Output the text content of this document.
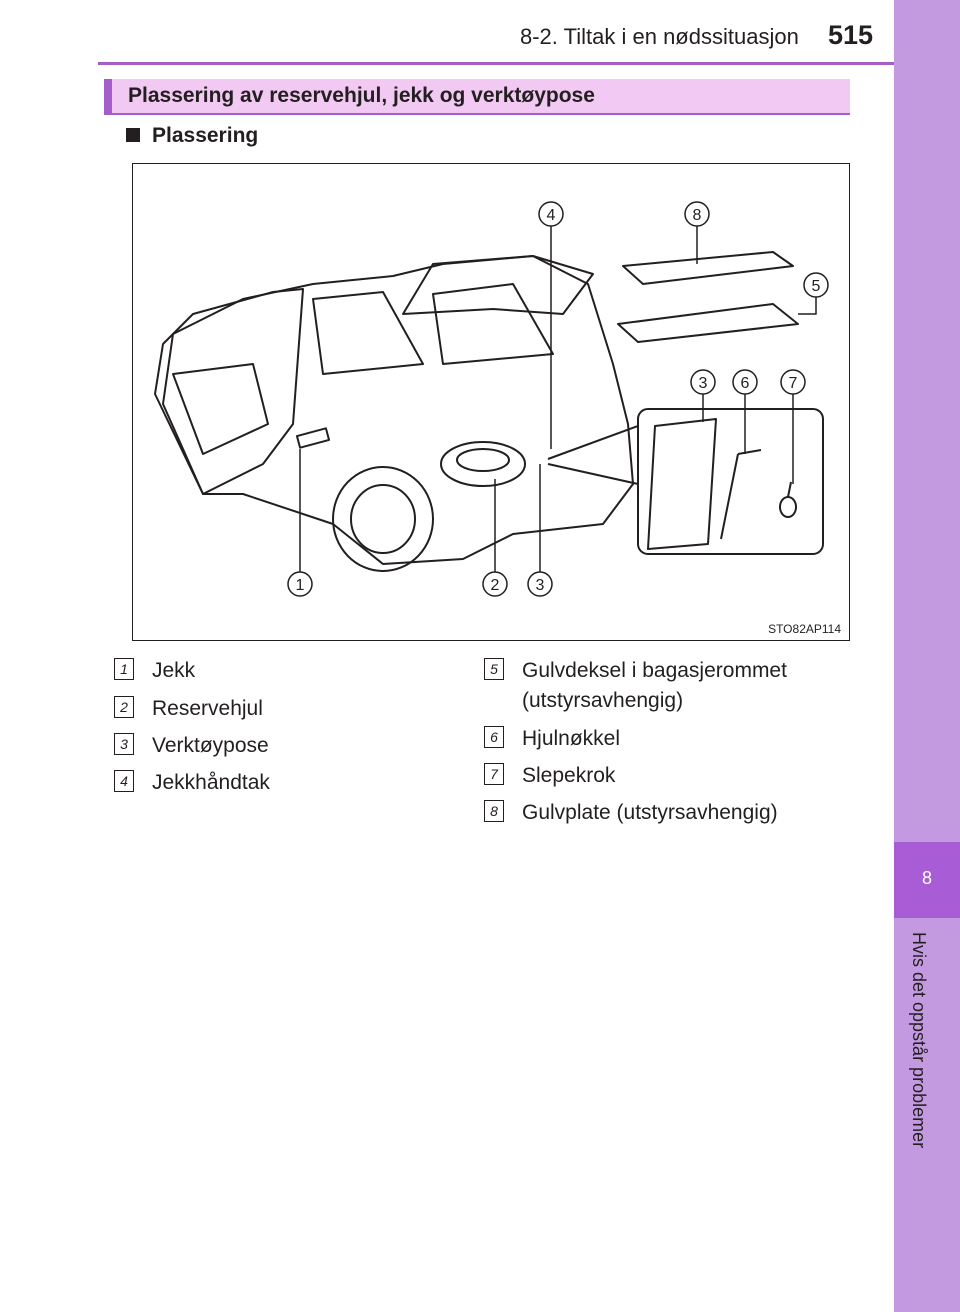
8-2. Tiltak i en nødssituasjon 515
8
Hvis det oppstår problemer
Plassering av reservehjul, jekk og verktøypose
Plassering
1	2 3
4
5
6 7
8
3
STO82AP114
1 Jekk
2 Reservehjul
3 Verktøypose
4 Jekkhåndtak
5 Gulvdeksel i bagasjerommet
(utstyrsavhengig)
6 Hjulnøkkel
7 Slepekrok
8 Gulvplate (utstyrsavhengig)
